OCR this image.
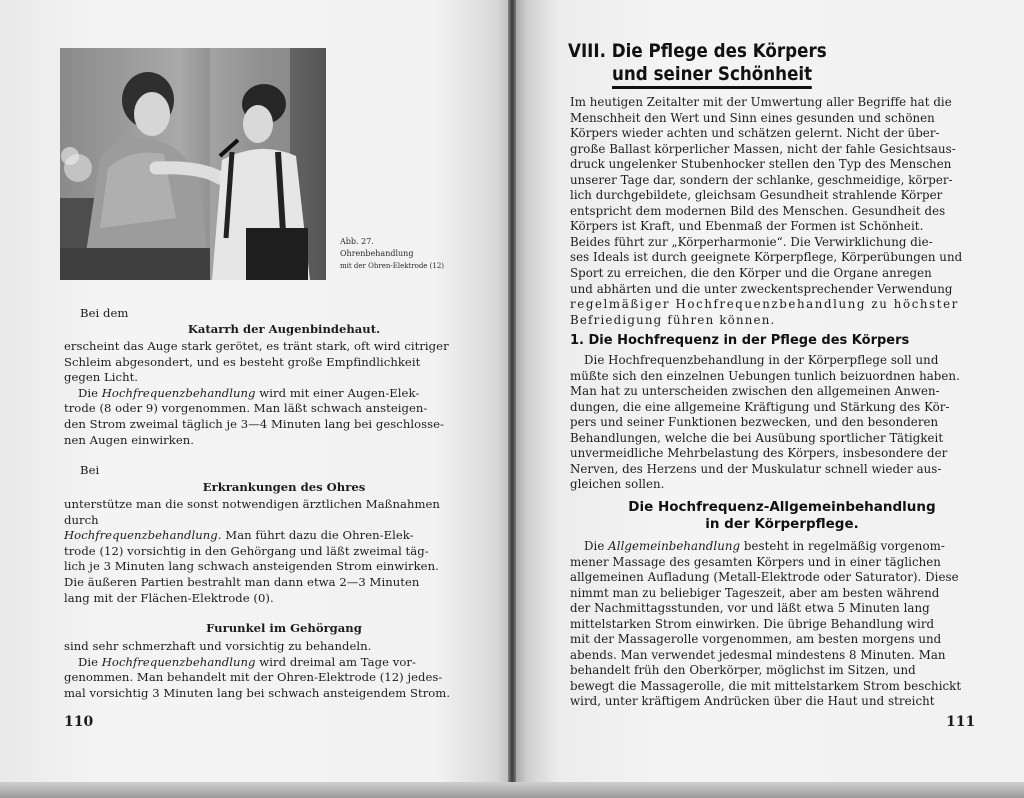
Abb. 27.
Ohrenbehandlung
mit der Ohren-Elektrode (12)
Bei dem
Katarrh der Augenbindehaut.
erscheint das Auge stark gerötet, es tränt stark, oft wird citriger
Schleim abgesondert, und es besteht große Empfindlichkeit
gegen Licht.
Die Hochfrequenzbehandlung wird mit einer Augen-Elek-
trode (8 oder 9) vorgenommen. Man läßt schwach ansteigen-
den Strom zweimal täglich je 3—4 Minuten lang bei geschlosse-
nen Augen einwirken.
Bei
Erkrankungen des Ohres
unterstütze man die sonst notwendigen ärztlichen Maßnahmen
durch
Hochfrequenzbehandlung. Man führt dazu die Ohren-Elek-
trode (12) vorsichtig in den Gehörgang und läßt zweimal täg-
lich je 3 Minuten lang schwach ansteigenden Strom einwirken.
Die äußeren Partien bestrahlt man dann etwa 2—3 Minuten
lang mit der Flächen-Elektrode (0).
Furunkel im Gehörgang
sind sehr schmerzhaft und vorsichtig zu behandeln.
Die Hochfrequenzbehandlung wird dreimal am Tage vor-
genommen. Man behandelt mit der Ohren-Elektrode (12) jedes-
mal vorsichtig 3 Minuten lang bei schwach ansteigendem Strom.
110
VIII. Die Pflege des Körpers
und seiner Schönheit
Im heutigen Zeitalter mit der Umwertung aller Begriffe hat die
Menschheit den Wert und Sinn eines gesunden und schönen
Körpers wieder achten und schätzen gelernt. Nicht der über-
große Ballast körperlicher Massen, nicht der fahle Gesichtsaus-
druck ungelenker Stubenhocker stellen den Typ des Menschen
unserer Tage dar, sondern der schlanke, geschmeidige, körper-
lich durchgebildete, gleichsam Gesundheit strahlende Körper
entspricht dem modernen Bild des Menschen. Gesundheit des
Körpers ist Kraft, und Ebenmaß der Formen ist Schönheit.
Beides führt zur „Körperharmonie“. Die Verwirklichung die-
ses Ideals ist durch geeignete Körperpflege, Körperübungen und
Sport zu erreichen, die den Körper und die Organe anregen
und abhärten und die unter zweckentsprechender Verwendung
regelmäßiger Hochfrequenzbehandlung zu höchster
Befriedigung führen können.
1. Die Hochfrequenz in der Pflege des Körpers
Die Hochfrequenzbehandlung in der Körperpflege soll und
müßte sich den einzelnen Uebungen tunlich beizuordnen haben.
Man hat zu unterscheiden zwischen den allgemeinen Anwen-
dungen, die eine allgemeine Kräftigung und Stärkung des Kör-
pers und seiner Funktionen bezwecken, und den besonderen
Behandlungen, welche die bei Ausübung sportlicher Tätigkeit
unvermeidliche Mehrbelastung des Körpers, insbesondere der
Nerven, des Herzens und der Muskulatur schnell wieder aus-
gleichen sollen.
Die Hochfrequenz-Allgemeinbehandlung
in der Körperpflege.
Die Allgemeinbehandlung besteht in regelmäßig vorgenom-
mener Massage des gesamten Körpers und in einer täglichen
allgemeinen Aufladung (Metall-Elektrode oder Saturator). Diese
nimmt man zu beliebiger Tageszeit, aber am besten während
der Nachmittagsstunden, vor und läßt etwa 5 Minuten lang
mittelstarken Strom einwirken. Die übrige Behandlung wird
mit der Massagerolle vorgenommen, am besten morgens und
abends. Man verwendet jedesmal mindestens 8 Minuten. Man
behandelt früh den Oberkörper, möglichst im Sitzen, und
bewegt die Massagerolle, die mit mittelstarkem Strom beschickt
wird, unter kräftigem Andrücken über die Haut und streicht
111
